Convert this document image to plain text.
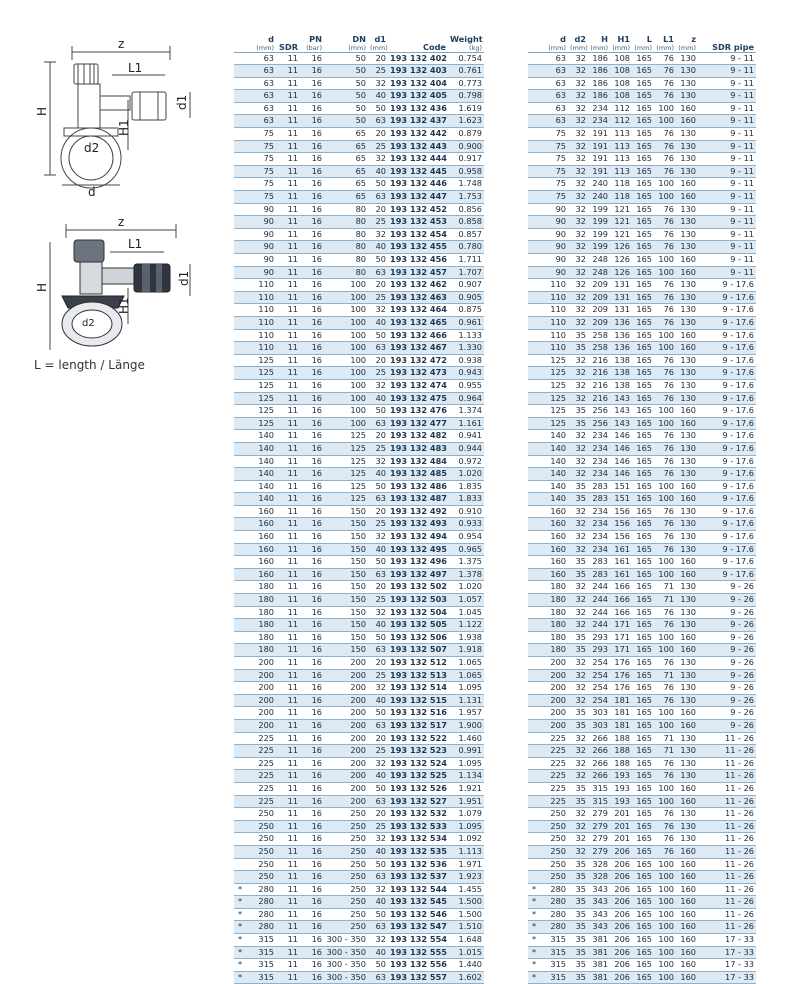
z
L1
H
H1
d1
d2
d
z
L1
H
H1
d1
d2
L = length / Länge
	d
(mm)	SDR	PN
(bar)	DN
(mm)	d1
(mm)	Code	Weight
(kg)

	63	11	16	50	20	193 132 402	0.754
	63	11	16	50	25	193 132 403	0.761
	63	11	16	50	32	193 132 404	0.773
	63	11	16	50	40	193 132 405	0.798
	63	11	16	50	50	193 132 436	1.619
	63	11	16	50	63	193 132 437	1.623
	75	11	16	65	20	193 132 442	0.879
	75	11	16	65	25	193 132 443	0.900
	75	11	16	65	32	193 132 444	0.917
	75	11	16	65	40	193 132 445	0.958
	75	11	16	65	50	193 132 446	1.748
	75	11	16	65	63	193 132 447	1.753
	90	11	16	80	20	193 132 452	0.856
	90	11	16	80	25	193 132 453	0.858
	90	11	16	80	32	193 132 454	0.857
	90	11	16	80	40	193 132 455	0.780
	90	11	16	80	50	193 132 456	1.711
	90	11	16	80	63	193 132 457	1.707
	110	11	16	100	20	193 132 462	0.907
	110	11	16	100	25	193 132 463	0.905
	110	11	16	100	32	193 132 464	0.875
	110	11	16	100	40	193 132 465	0.961
	110	11	16	100	50	193 132 466	1.133
	110	11	16	100	63	193 132 467	1.330
	125	11	16	100	20	193 132 472	0.938
	125	11	16	100	25	193 132 473	0.943
	125	11	16	100	32	193 132 474	0.955
	125	11	16	100	40	193 132 475	0.964
	125	11	16	100	50	193 132 476	1.374
	125	11	16	100	63	193 132 477	1.161
	140	11	16	125	20	193 132 482	0.941
	140	11	16	125	25	193 132 483	0.944
	140	11	16	125	32	193 132 484	0.972
	140	11	16	125	40	193 132 485	1.020
	140	11	16	125	50	193 132 486	1.835
	140	11	16	125	63	193 132 487	1.833
	160	11	16	150	20	193 132 492	0.910
	160	11	16	150	25	193 132 493	0.933
	160	11	16	150	32	193 132 494	0.954
	160	11	16	150	40	193 132 495	0.965
	160	11	16	150	50	193 132 496	1.375
	160	11	16	150	63	193 132 497	1.378
	180	11	16	150	20	193 132 502	1.020
	180	11	16	150	25	193 132 503	1.057
	180	11	16	150	32	193 132 504	1.045
	180	11	16	150	40	193 132 505	1.122
	180	11	16	150	50	193 132 506	1.938
	180	11	16	150	63	193 132 507	1.918
	200	11	16	200	20	193 132 512	1.065
	200	11	16	200	25	193 132 513	1.065
	200	11	16	200	32	193 132 514	1.095
	200	11	16	200	40	193 132 515	1.131
	200	11	16	200	50	193 132 516	1.957
	200	11	16	200	63	193 132 517	1.900
	225	11	16	200	20	193 132 522	1.460
	225	11	16	200	25	193 132 523	0.991
	225	11	16	200	32	193 132 524	1.095
	225	11	16	200	40	193 132 525	1.134
	225	11	16	200	50	193 132 526	1.921
	225	11	16	200	63	193 132 527	1.951
	250	11	16	250	20	193 132 532	1.079
	250	11	16	250	25	193 132 533	1.095
	250	11	16	250	32	193 132 534	1.092
	250	11	16	250	40	193 132 535	1.113
	250	11	16	250	50	193 132 536	1.971
	250	11	16	250	63	193 132 537	1.923
*	280	11	16	250	32	193 132 544	1.455
*	280	11	16	250	40	193 132 545	1.500
*	280	11	16	250	50	193 132 546	1.500
*	280	11	16	250	63	193 132 547	1.510
*	315	11	16	300 - 350	32	193 132 554	1.648
*	315	11	16	300 - 350	40	193 132 555	1.015
*	315	11	16	300 - 350	50	193 132 556	1.440
*	315	11	16	300 - 350	63	193 132 557	1.602
	d
(mm)	d2
(mm)	H
(mm)	H1
(mm)	L
(mm)	L1
(mm)	z
(mm)	SDR pipe

	63	32	186	108	165	76	130	9 - 11
	63	32	186	108	165	76	130	9 - 11
	63	32	186	108	165	76	130	9 - 11
	63	32	186	108	165	76	130	9 - 11
	63	32	234	112	165	100	160	9 - 11
	63	32	234	112	165	100	160	9 - 11
	75	32	191	113	165	76	130	9 - 11
	75	32	191	113	165	76	130	9 - 11
	75	32	191	113	165	76	130	9 - 11
	75	32	191	113	165	76	130	9 - 11
	75	32	240	118	165	100	160	9 - 11
	75	32	240	118	165	100	160	9 - 11
	90	32	199	121	165	76	130	9 - 11
	90	32	199	121	165	76	130	9 - 11
	90	32	199	121	165	76	130	9 - 11
	90	32	199	126	165	76	130	9 - 11
	90	32	248	126	165	100	160	9 - 11
	90	32	248	126	165	100	160	9 - 11
	110	32	209	131	165	76	130	9 - 17.6
	110	32	209	131	165	76	130	9 - 17.6
	110	32	209	131	165	76	130	9 - 17.6
	110	32	209	136	165	76	130	9 - 17.6
	110	35	258	136	165	100	160	9 - 17.6
	110	35	258	136	165	100	160	9 - 17.6
	125	32	216	138	165	76	130	9 - 17.6
	125	32	216	138	165	76	130	9 - 17.6
	125	32	216	138	165	76	130	9 - 17.6
	125	32	216	143	165	76	130	9 - 17.6
	125	35	256	143	165	100	160	9 - 17.6
	125	35	256	143	165	100	160	9 - 17.6
	140	32	234	146	165	76	130	9 - 17.6
	140	32	234	146	165	76	130	9 - 17.6
	140	32	234	146	165	76	130	9 - 17.6
	140	32	234	146	165	76	130	9 - 17.6
	140	35	283	151	165	100	160	9 - 17.6
	140	35	283	151	165	100	160	9 - 17.6
	160	32	234	156	165	76	130	9 - 17.6
	160	32	234	156	165	76	130	9 - 17.6
	160	32	234	156	165	76	130	9 - 17.6
	160	32	234	161	165	76	130	9 - 17.6
	160	35	283	161	165	100	160	9 - 17.6
	160	35	283	161	165	100	160	9 - 17.6
	180	32	244	166	165	71	130	9 - 26
	180	32	244	166	165	71	130	9 - 26
	180	32	244	166	165	76	130	9 - 26
	180	32	244	171	165	76	130	9 - 26
	180	35	293	171	165	100	160	9 - 26
	180	35	293	171	165	100	160	9 - 26
	200	32	254	176	165	76	130	9 - 26
	200	32	254	176	165	71	130	9 - 26
	200	32	254	176	165	76	130	9 - 26
	200	32	254	181	165	76	130	9 - 26
	200	35	303	181	165	100	160	9 - 26
	200	35	303	181	165	100	160	9 - 26
	225	32	266	188	165	71	130	11 - 26
	225	32	266	188	165	71	130	11 - 26
	225	32	266	188	165	76	130	11 - 26
	225	32	266	193	165	76	130	11 - 26
	225	35	315	193	165	100	160	11 - 26
	225	35	315	193	165	100	160	11 - 26
	250	32	279	201	165	76	130	11 - 26
	250	32	279	201	165	76	130	11 - 26
	250	32	279	201	165	76	130	11 - 26
	250	32	279	206	165	76	160	11 - 26
	250	35	328	206	165	100	160	11 - 26
	250	35	328	206	165	100	160	11 - 26
*	280	35	343	206	165	100	160	11 - 26
*	280	35	343	206	165	100	160	11 - 26
*	280	35	343	206	165	100	160	11 - 26
*	280	35	343	206	165	100	160	11 - 26
*	315	35	381	206	165	100	160	17 - 33
*	315	35	381	206	165	100	160	17 - 33
*	315	35	381	206	165	100	160	17 - 33
*	315	35	381	206	165	100	160	17 - 33
